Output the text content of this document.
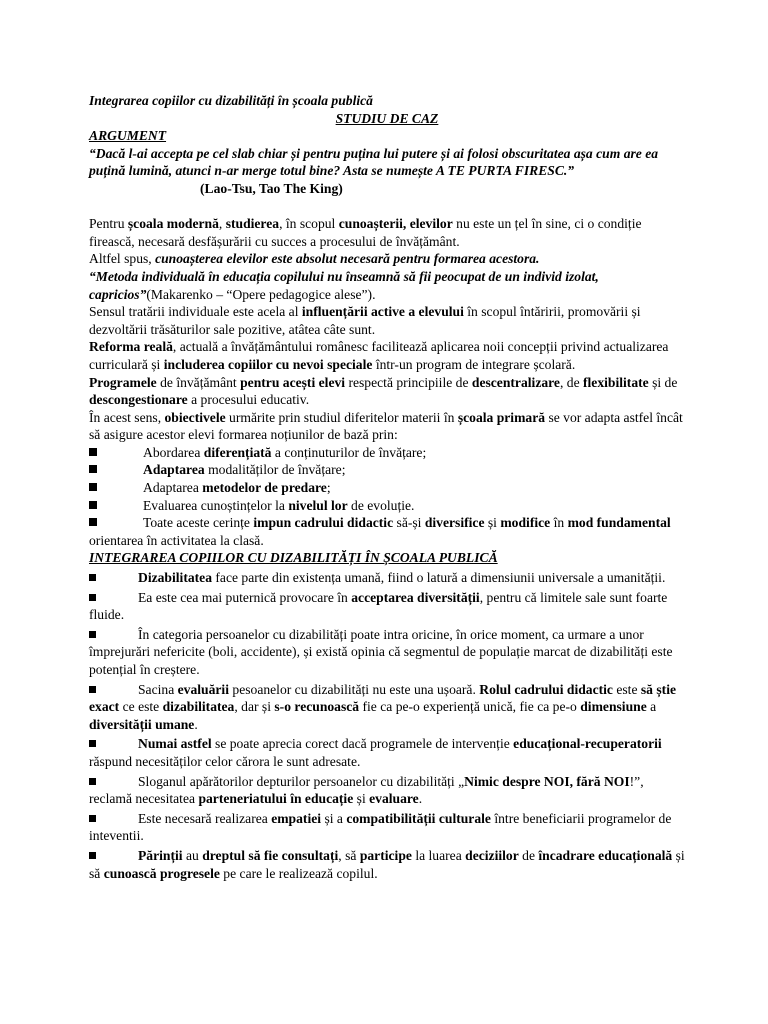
Integrarea copiilor cu dizabilități în școala publică

STUDIU DE CAZ

ARGUMENT

“Dacă l-ai accepta pe cel slab chiar și pentru puțina lui putere și ai folosi obscuritatea așa cum are ea puțină lumină, atunci n-ar merge totul bine? Asta se numește A TE PURTA FIRESC.”

(Lao-Tsu, Tao The King)

Pentru școala modernă, studierea, în scopul cunoașterii, elevilor nu este un țel în sine, ci o condiție firească, necesară desfășurării cu succes a procesului de învățământ.

Altfel spus, cunoașterea elevilor este absolut necesară pentru formarea acestora.

“Metoda individuală în educația copilului nu înseamnă să fii peocupat de un individ izolat, capricios”(Makarenko – “Opere pedagogice alese”).

Sensul tratării individuale este acela al influențării active a elevului în scopul întăririi, promovării și dezvoltării trăsăturilor sale pozitive, atâtea câte sunt.

Reforma reală, actuală a învățământului românesc facilitează aplicarea noii concepții privind actualizarea curriculară și includerea copiilor cu nevoi speciale într-un program de integrare școlară.

Programele de învățământ pentru acești elevi respectă principiile de descentralizare, de flexibilitate și de descongestionare a procesului educativ.

În acest sens, obiectivele urmărite prin studiul diferitelor materii în școala primară se vor adapta astfel încât să asigure acestor elevi formarea noțiunilor de bază prin:

Abordarea diferențiată a conținuturilor de învățare;

Adaptarea modalităților de învățare;

Adaptarea metodelor de predare;

Evaluarea cunoștințelor la nivelul lor de evoluție.

Toate aceste cerințe impun cadrului didactic să-și diversifice și modifice în mod fundamental orientarea în activitatea la clasă.

INTEGRAREA COPIILOR CU DIZABILITĂȚI ÎN ȘCOALA PUBLICĂ

Dizabilitatea face parte din existența umană, fiind o latură a dimensiunii universale a umanității.

Ea este cea mai puternică provocare în acceptarea diversității, pentru că limitele sale sunt foarte fluide.

În categoria persoanelor cu dizabilități poate intra oricine, în orice moment, ca urmare a unor împrejurări nefericite (boli, accidente), și există opinia că segmentul de populație marcat de dizabilități este potențial în creștere.

Sacina evaluării pesoanelor cu dizabilități nu este una ușoară. Rolul cadrului didactic este să știe exact ce este dizabilitatea, dar și s-o recunoască fie ca pe-o experiență unică, fie ca pe-o dimensiune a diversității umane.

Numai astfel se poate aprecia corect dacă programele de intervenție educațional-recuperatorii răspund necesităților celor cărora le sunt adresate.

Sloganul apărătorilor depturilor persoanelor cu dizabilități „Nimic despre NOI, fără NOI!”, reclamă necesitatea parteneriatului în educație și evaluare.

Este necesară realizarea empatiei și a compatibilității culturale între beneficiarii programelor de inteventii.

Părinții au dreptul să fie consultați, să participe la luarea deciziilor de încadrare educațională și să cunoască progresele pe care le realizează copilul.
